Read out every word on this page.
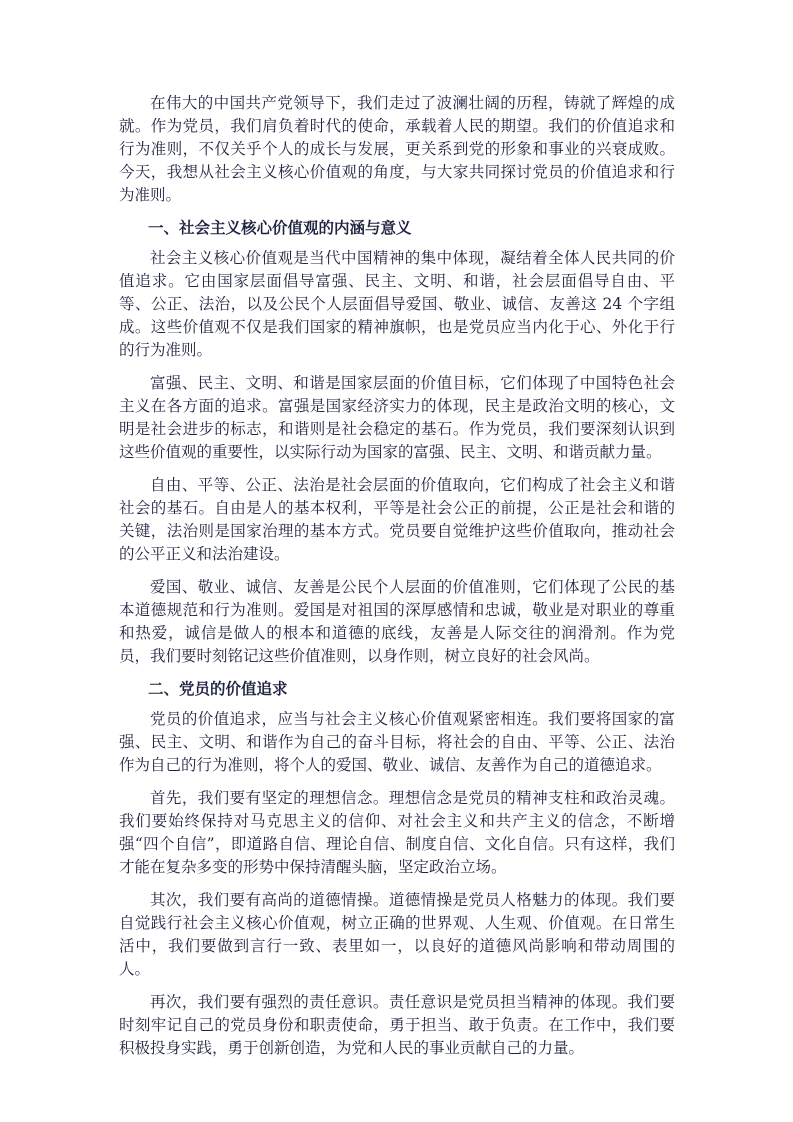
在伟大的中国共产党领导下，我们走过了波澜壮阔的历程，铸就了辉煌的成就。作为党员，我们肩负着时代的使命，承载着人民的期望。我们的价值追求和行为准则，不仅关乎个人的成长与发展，更关系到党的形象和事业的兴衰成败。今天，我想从社会主义核心价值观的角度，与大家共同探讨党员的价值追求和行为准则。

一、社会主义核心价值观的内涵与意义

社会主义核心价值观是当代中国精神的集中体现，凝结着全体人民共同的价值追求。它由国家层面倡导富强、民主、文明、和谐，社会层面倡导自由、平等、公正、法治，以及公民个人层面倡导爱国、敬业、诚信、友善这 24 个字组成。这些价值观不仅是我们国家的精神旗帜，也是党员应当内化于心、外化于行的行为准则。

富强、民主、文明、和谐是国家层面的价值目标，它们体现了中国特色社会主义在各方面的追求。富强是国家经济实力的体现，民主是政治文明的核心，文明是社会进步的标志，和谐则是社会稳定的基石。作为党员，我们要深刻认识到这些价值观的重要性，以实际行动为国家的富强、民主、文明、和谐贡献力量。

自由、平等、公正、法治是社会层面的价值取向，它们构成了社会主义和谐社会的基石。自由是人的基本权利，平等是社会公正的前提，公正是社会和谐的关键，法治则是国家治理的基本方式。党员要自觉维护这些价值取向，推动社会的公平正义和法治建设。

爱国、敬业、诚信、友善是公民个人层面的价值准则，它们体现了公民的基本道德规范和行为准则。爱国是对祖国的深厚感情和忠诚，敬业是对职业的尊重和热爱，诚信是做人的根本和道德的底线，友善是人际交往的润滑剂。作为党员，我们要时刻铭记这些价值准则，以身作则，树立良好的社会风尚。

二、党员的价值追求

党员的价值追求，应当与社会主义核心价值观紧密相连。我们要将国家的富强、民主、文明、和谐作为自己的奋斗目标，将社会的自由、平等、公正、法治作为自己的行为准则，将个人的爱国、敬业、诚信、友善作为自己的道德追求。

首先，我们要有坚定的理想信念。理想信念是党员的精神支柱和政治灵魂。我们要始终保持对马克思主义的信仰、对社会主义和共产主义的信念，不断增强“四个自信”，即道路自信、理论自信、制度自信、文化自信。只有这样，我们才能在复杂多变的形势中保持清醒头脑，坚定政治立场。

其次，我们要有高尚的道德情操。道德情操是党员人格魅力的体现。我们要自觉践行社会主义核心价值观，树立正确的世界观、人生观、价值观。在日常生活中，我们要做到言行一致、表里如一，以良好的道德风尚影响和带动周围的人。

再次，我们要有强烈的责任意识。责任意识是党员担当精神的体现。我们要时刻牢记自己的党员身份和职责使命，勇于担当、敢于负责。在工作中，我们要积极投身实践，勇于创新创造，为党和人民的事业贡献自己的力量。
